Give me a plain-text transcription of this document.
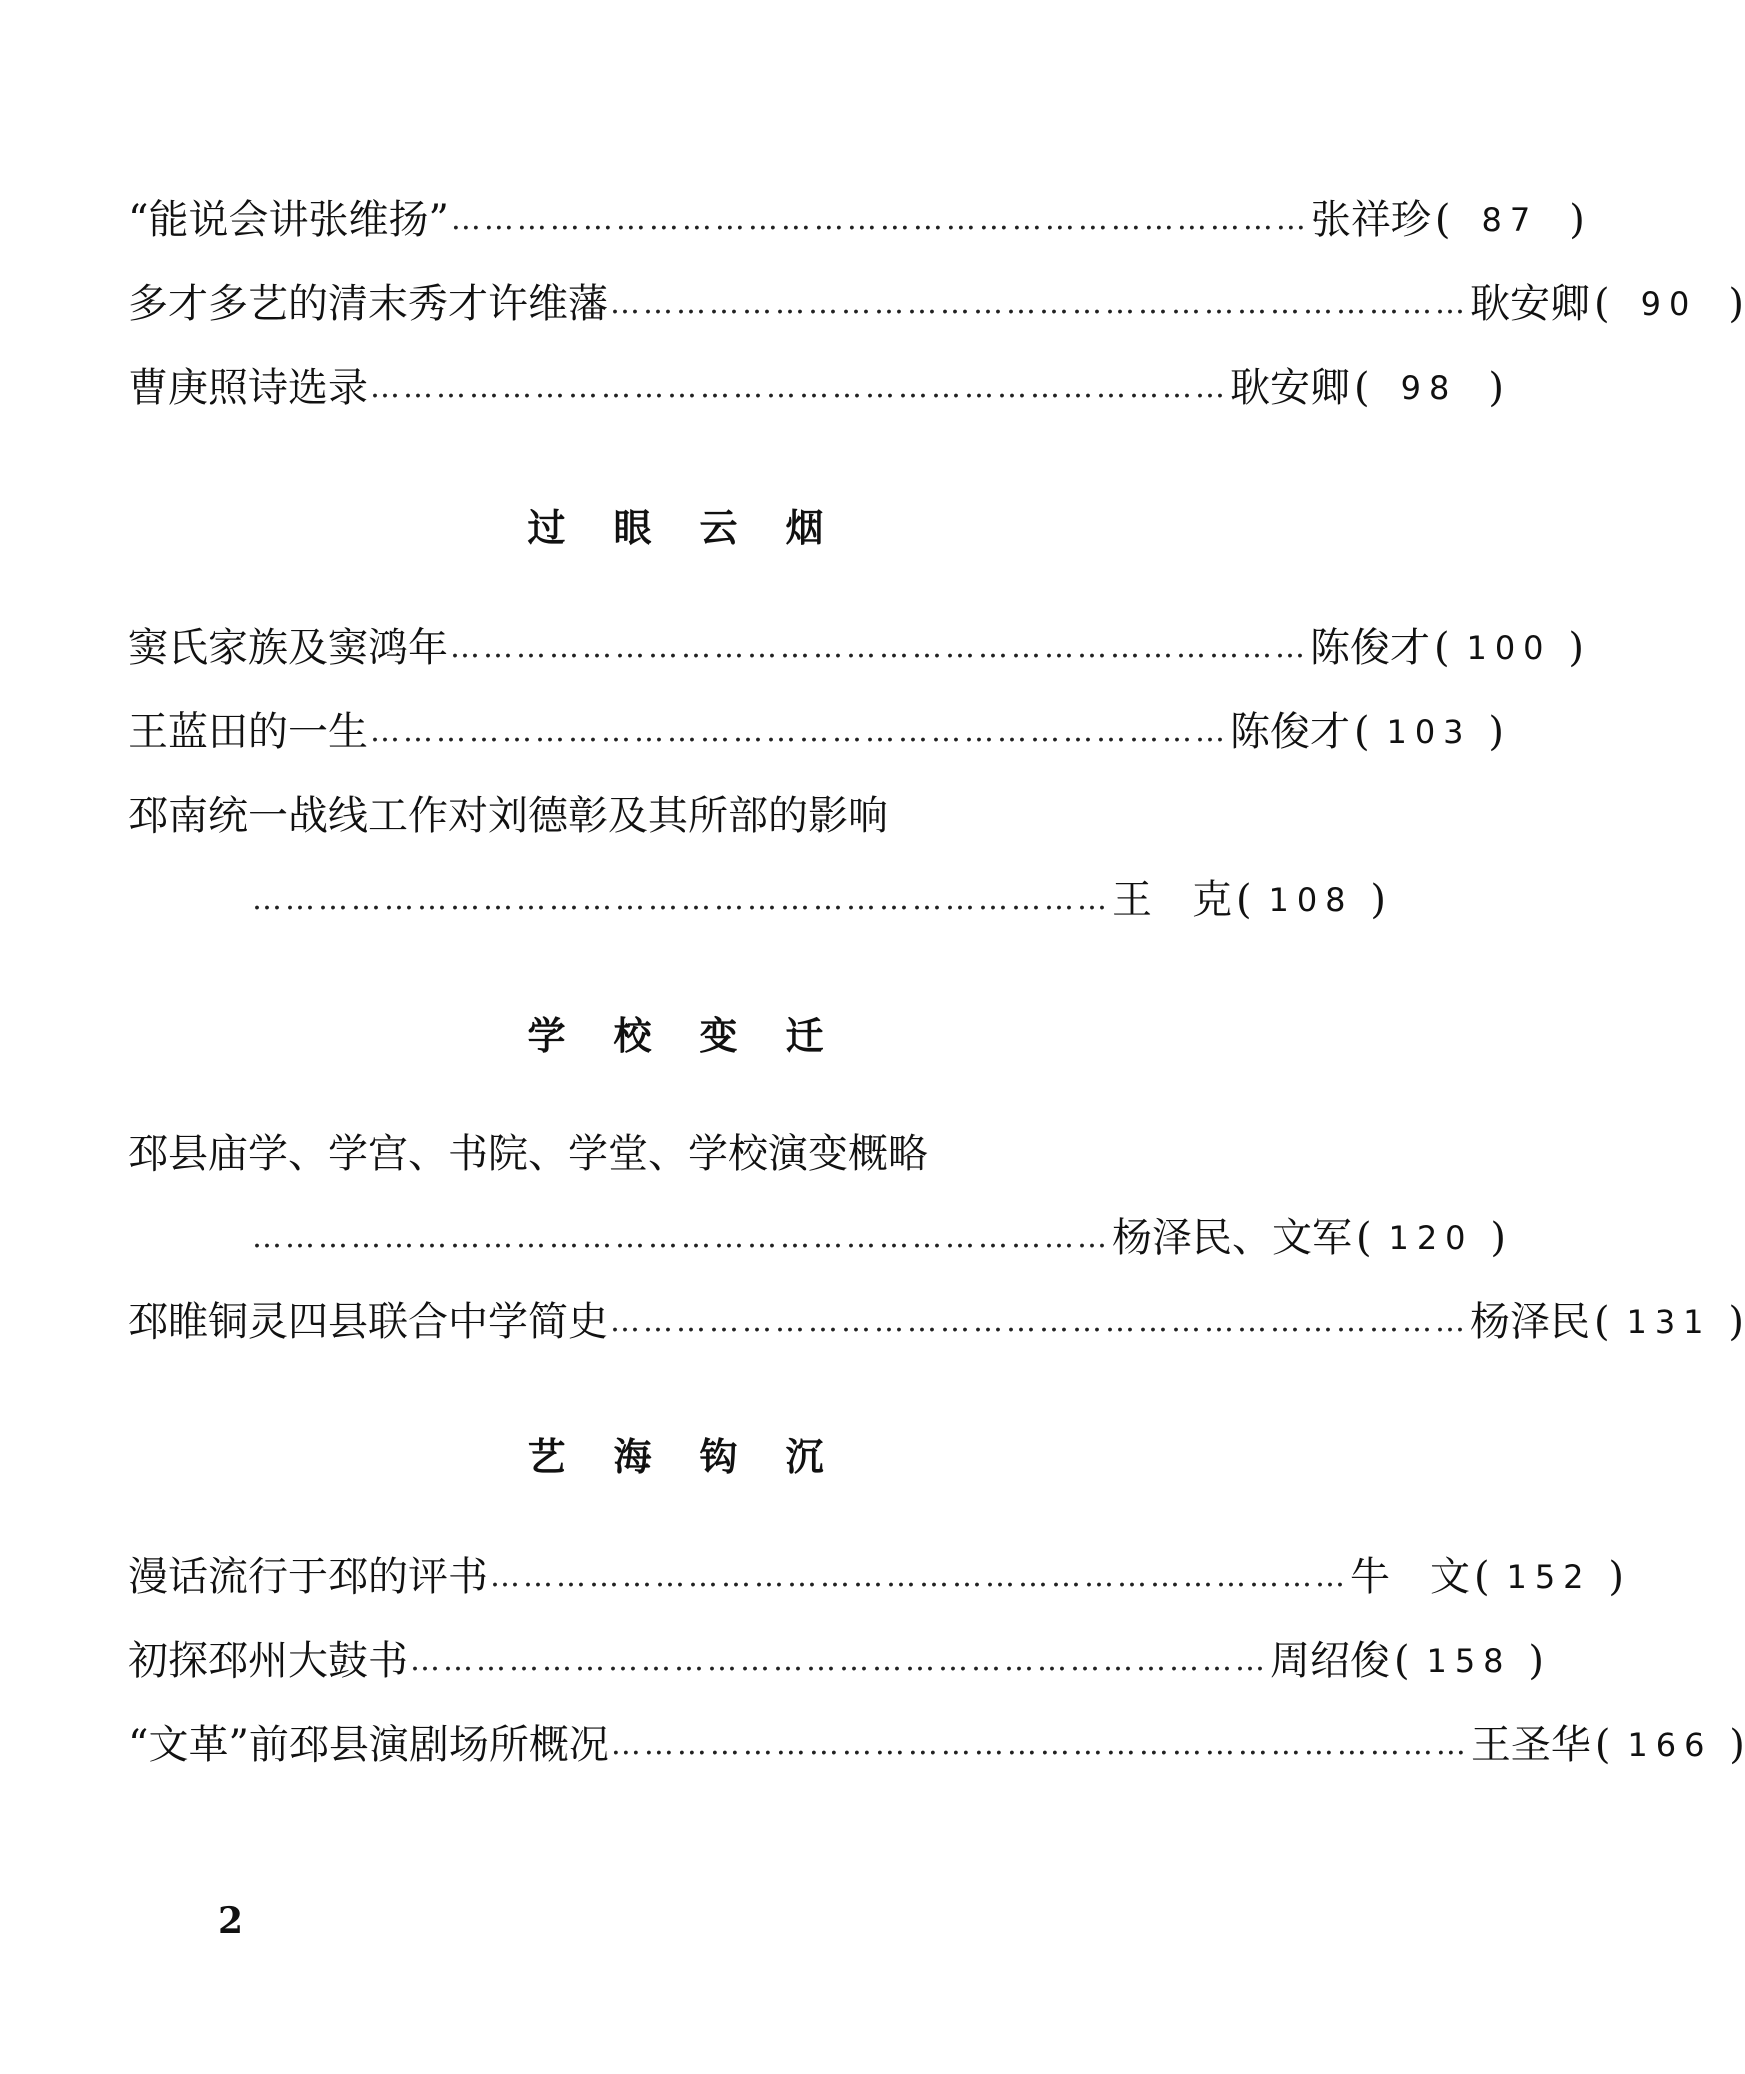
“能说会讲张维扬” …………………………………………………………………… 张祥珍 ( 87 )
多才多艺的清末秀才许维藩 …………………………………………………………………… 耿安卿 ( 90 )
曹庚照诗选录 …………………………………………………………………… 耿安卿 ( 98 )
过眼云烟
窦氏家族及窦鸿年 …………………………………………………………………… 陈俊才 ( 100 )
王蓝田的一生 …………………………………………………………………… 陈俊才 ( 103 )
邳南统一战线工作对刘德彰及其所部的影响
…………………………………………………………………… 王　克 ( 108 )
学校变迁
邳县庙学、学宫、书院、学堂、学校演变概略
…………………………………………………………………… 杨泽民、文军 ( 120 )
邳睢铜灵四县联合中学简史 …………………………………………………………………… 杨泽民 ( 131 )
艺海钩沉
漫话流行于邳的评书 …………………………………………………………………… 牛　文 ( 152 )
初探邳州大鼓书 …………………………………………………………………… 周绍俊 ( 158 )
“文革”前邳县演剧场所概况 …………………………………………………………………… 王圣华 ( 166 )
2
